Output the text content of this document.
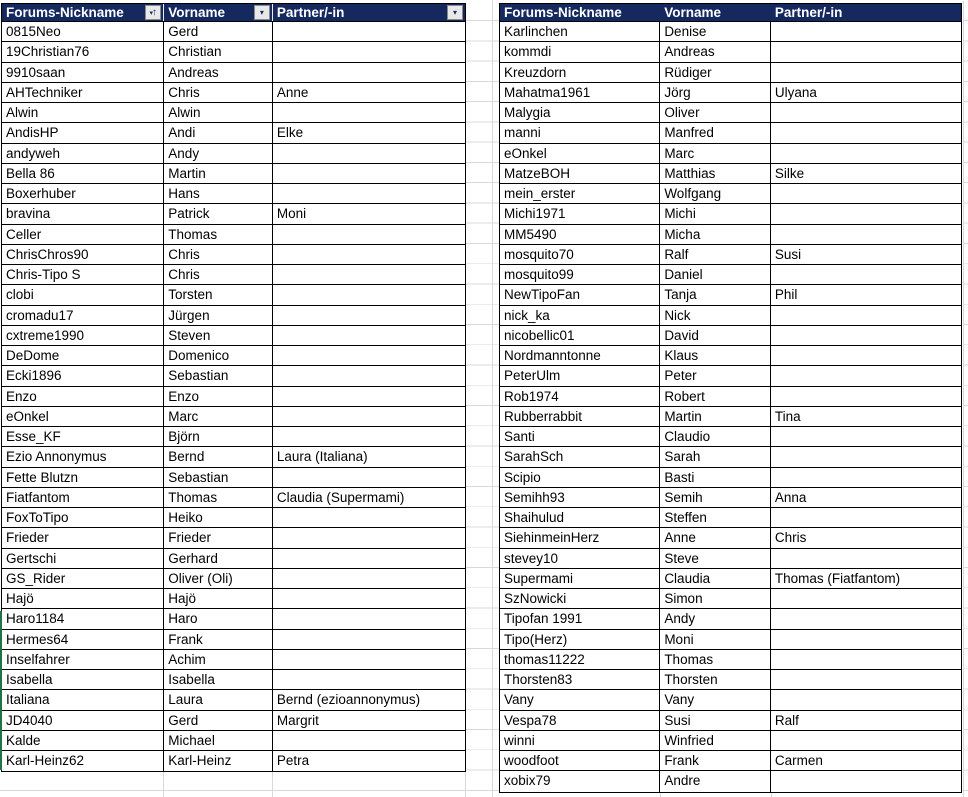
Forums-Nickname	▾ ↑ Vorname	▾ Partner/-in	▾
0815Neo	Gerd
19Christian76	Christian
9910saan	Andreas
AHTechniker	Chris	Anne
Alwin	Alwin
AndisHP	Andi	Elke
andyweh	Andy
Bella 86	Martin
Boxerhuber	Hans
bravina	Patrick	Moni
Celler	Thomas
ChrisChros90	Chris
Chris-Tipo S	Chris
clobi	Torsten
cromadu17	Jürgen
cxtreme1990	Steven
DeDome	Domenico
Ecki1896	Sebastian
Enzo	Enzo
eOnkel	Marc
Esse_KF	Björn
Ezio Annonymus	Bernd	Laura (Italiana)
Fette Blutzn	Sebastian
Fiatfantom	Thomas	Claudia (Supermami)
FoxToTipo	Heiko
Frieder	Frieder
Gertschi	Gerhard
GS_Rider	Oliver (Oli)
Hajö	Hajö
Haro1184	Haro
Hermes64	Frank
Inselfahrer	Achim
Isabella	Isabella
Italiana	Laura	Bernd (ezioannonymus)
JD4040	Gerd	Margrit
Kalde	Michael
Karl-Heinz62	Karl-Heinz	Petra
Forums-Nickname	Vorname	Partner/-in
Karlinchen	Denise
kommdi	Andreas
Kreuzdorn	Rüdiger
Mahatma1961	Jörg	Ulyana
Malygia	Oliver
manni	Manfred
eOnkel	Marc
MatzeBOH	Matthias	Silke
mein_erster	Wolfgang
Michi1971	Michi
MM5490	Micha
mosquito70	Ralf	Susi
mosquito99	Daniel
NewTipoFan	Tanja	Phil
nick_ka	Nick
nicobellic01	David
Nordmanntonne	Klaus
PeterUlm	Peter
Rob1974	Robert
Rubberrabbit	Martin	Tina
Santi	Claudio
SarahSch	Sarah
Scipio	Basti
Semihh93	Semih	Anna
Shaihulud	Steffen
SiehinmeinHerz	Anne	Chris
stevey10	Steve
Supermami	Claudia	Thomas (Fiatfantom)
SzNowicki	Simon
Tipofan 1991	Andy
Tipo(Herz)	Moni
thomas11222	Thomas
Thorsten83	Thorsten
Vany	Vany
Vespa78	Susi	Ralf
winni	Winfried
woodfoot	Frank	Carmen
xobix79	Andre
